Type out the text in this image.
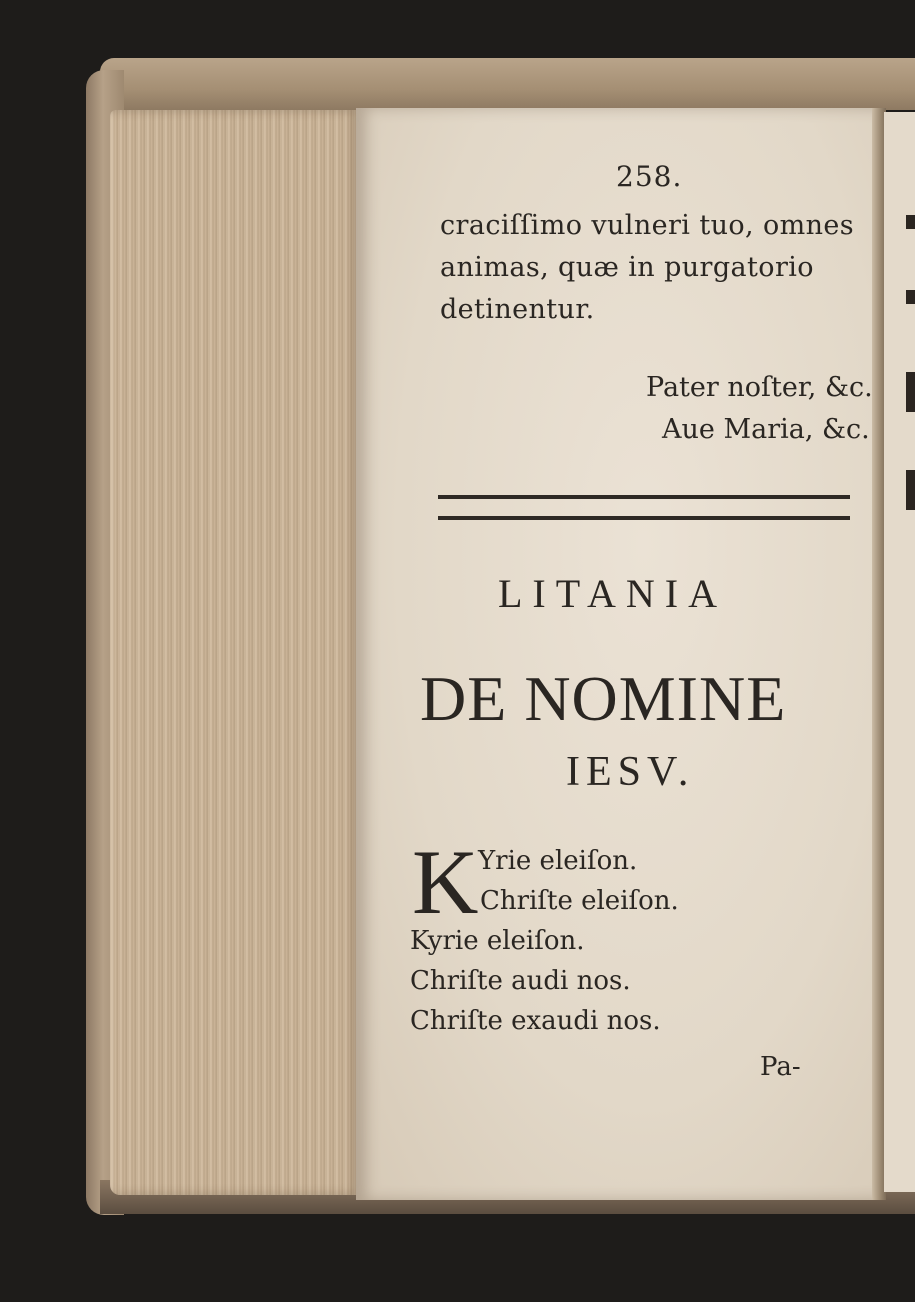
258.
craciſſimo vulneri tuo, omnes
animas, quæ in purgatorio
detinentur.
Pater noſter, &c.
Aue Maria, &c.
LITANIA
DE NOMINE
IESV.
K Yrie eleiſon.
Chriſte eleiſon.
Kyrie eleiſon.
Chriſte audi nos.
Chriſte exaudi nos.
Pa-
